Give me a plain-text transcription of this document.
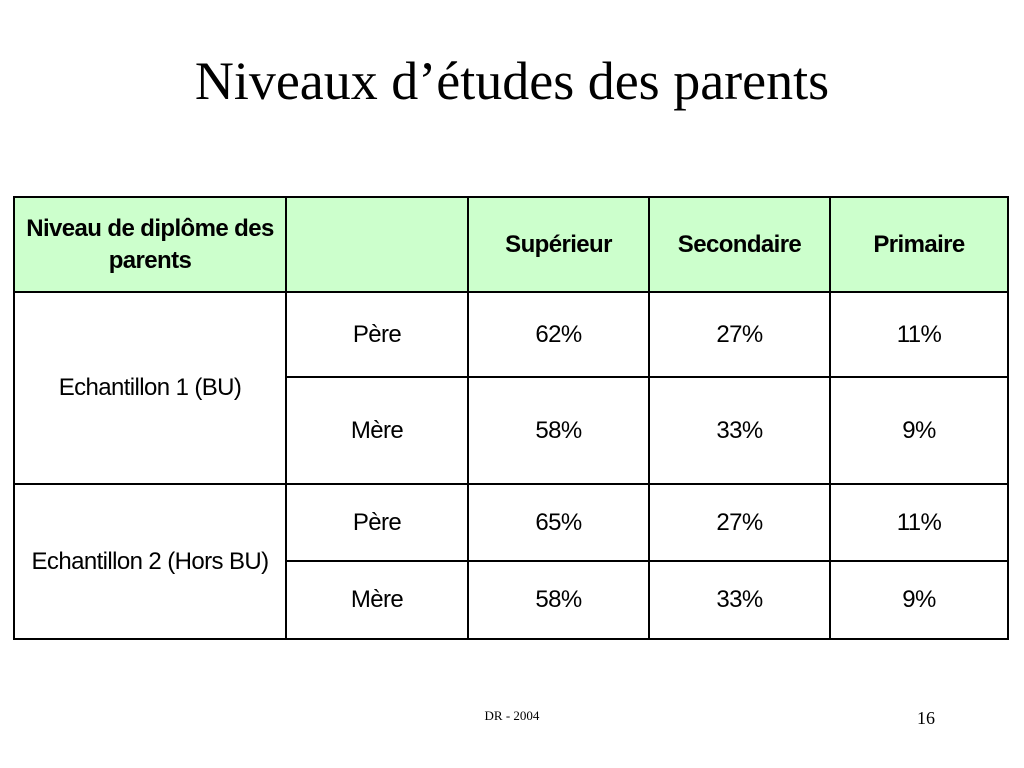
Niveaux d’études des parents
Niveau de diplôme des parents		Supérieur	Secondaire	Primaire
Echantillon 1 (BU)	Père	62%	27%	11%
	Mère	58%	33%	9%
Echantillon 2 (Hors BU)	Père	65%	27%	11%
	Mère	58%	33%	9%
DR - 2004	16
